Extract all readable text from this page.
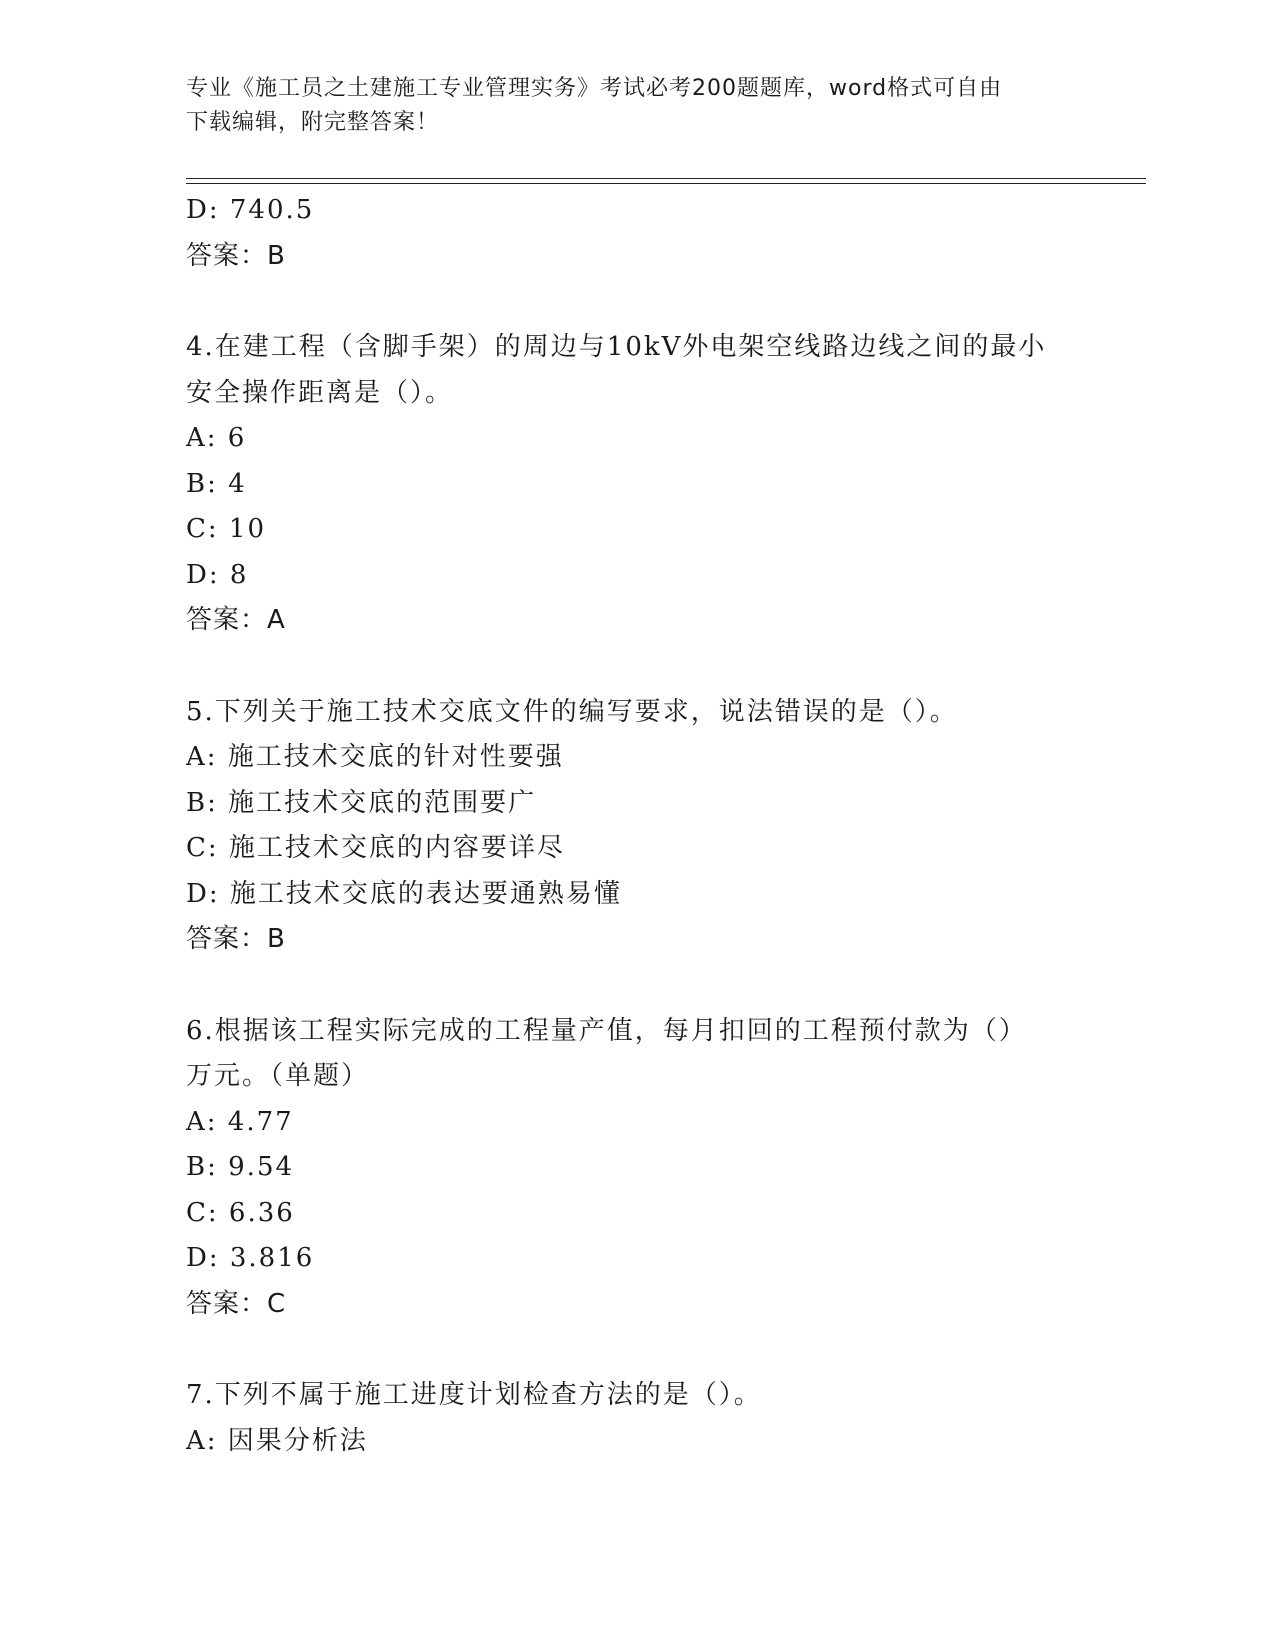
专业《施工员之土建施工专业管理实务》考试必考200题题库，word格式可自由
下载编辑，附完整答案！
D: 740.5
答案：B
4.在建工程（含脚手架）的周边与10kV外电架空线路边线之间的最小
安全操作距离是（）。
A: 6
B: 4
C: 10
D: 8
答案：A
5.下列关于施工技术交底文件的编写要求，说法错误的是（）。
A: 施工技术交底的针对性要强
B: 施工技术交底的范围要广
C: 施工技术交底的内容要详尽
D: 施工技术交底的表达要通熟易懂
答案：B
6.根据该工程实际完成的工程量产值，每月扣回的工程预付款为（）
万元。（单题）
A: 4.77
B: 9.54
C: 6.36
D: 3.816
答案：C
7.下列不属于施工进度计划检查方法的是（）。
A: 因果分析法
